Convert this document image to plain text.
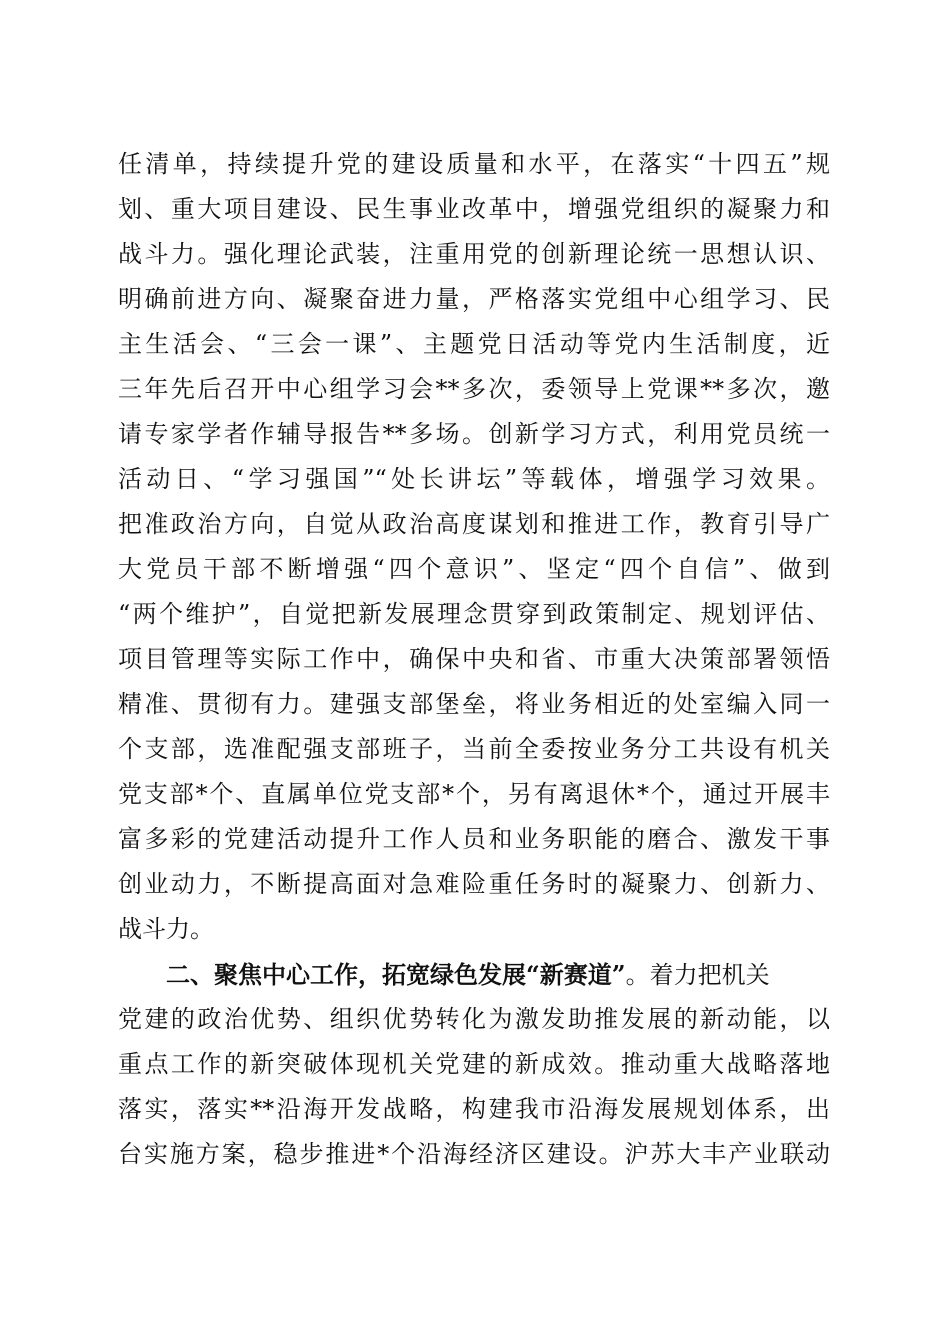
任清单，持续提升党的建设质量和水平，在落实“十四五”规
划、重大项目建设、民生事业改革中，增强党组织的凝聚力和
战斗力。强化理论武装，注重用党的创新理论统一思想认识、
明确前进方向、凝聚奋进力量，严格落实党组中心组学习、民
主生活会、“三会一课”、主题党日活动等党内生活制度，近
三年先后召开中心组学习会**多次，委领导上党课**多次，邀
请专家学者作辅导报告**多场。创新学习方式，利用党员统一
活动日、“学习强国”“处长讲坛”等载体，增强学习效果。
把准政治方向，自觉从政治高度谋划和推进工作，教育引导广
大党员干部不断增强“四个意识”、坚定“四个自信”、做到
“两个维护”，自觉把新发展理念贯穿到政策制定、规划评估、
项目管理等实际工作中，确保中央和省、市重大决策部署领悟
精准、贯彻有力。建强支部堡垒，将业务相近的处室编入同一
个支部，选准配强支部班子，当前全委按业务分工共设有机关
党支部*个、直属单位党支部*个，另有离退休*个，通过开展丰
富多彩的党建活动提升工作人员和业务职能的磨合、激发干事
创业动力，不断提高面对急难险重任务时的凝聚力、创新力、
战斗力。
二、聚焦中心工作，拓宽绿色发展“新赛道”。着力把机关
党建的政治优势、组织优势转化为激发助推发展的新动能，以
重点工作的新突破体现机关党建的新成效。推动重大战略落地
落实，落实**沿海开发战略，构建我市沿海发展规划体系，出
台实施方案，稳步推进*个沿海经济区建设。沪苏大丰产业联动
